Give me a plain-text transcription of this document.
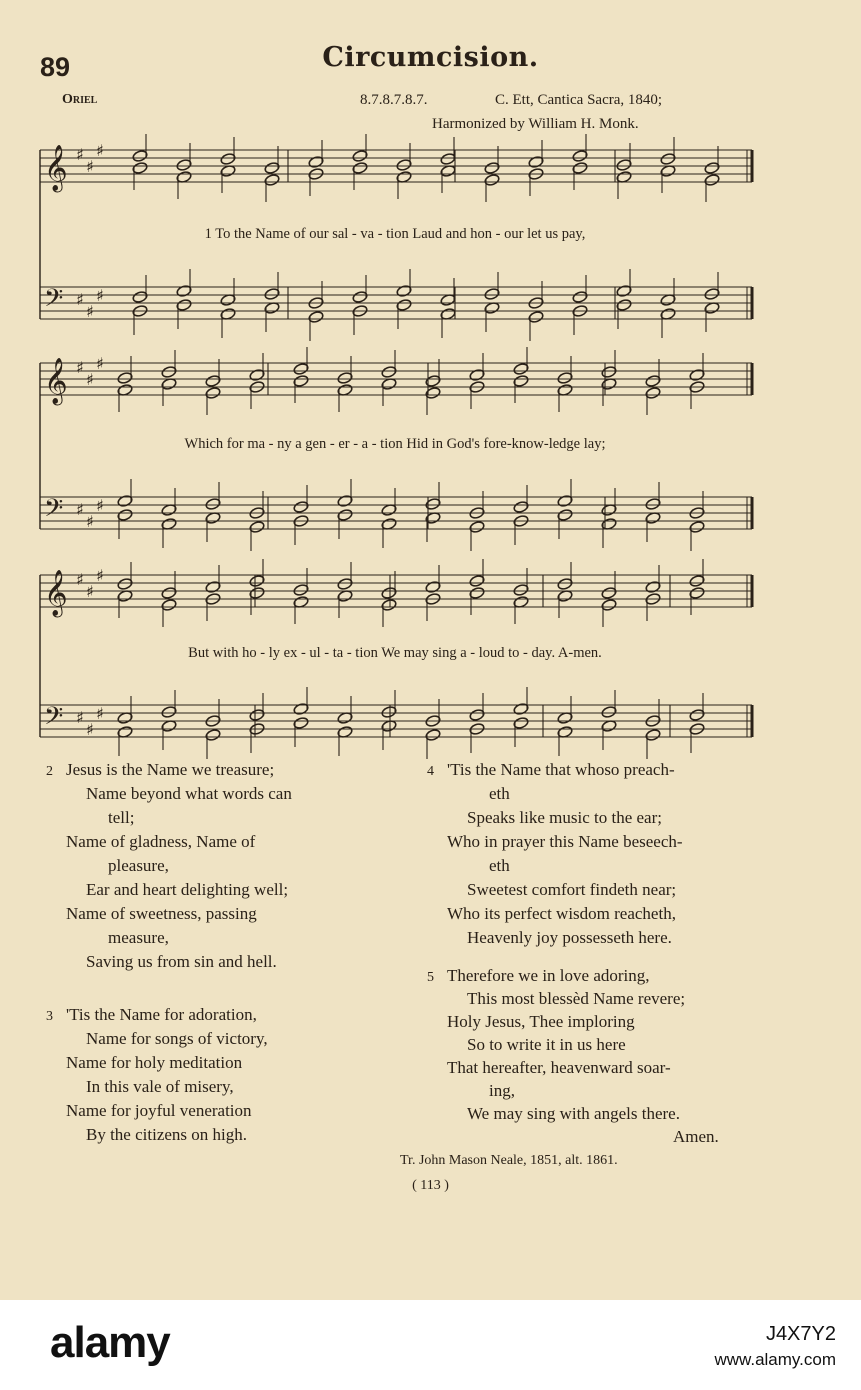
89	Circumcision.
Oriel	8.7.8.7.8.7.	C. Ett, Cantica Sacra, 1840;
Harmonized by William H. Monk.
𝄞
𝄢
♯
♯
♯
♯
♯
♯
𝄞
𝄢
♯
♯
♯
♯
♯
♯
𝄞
𝄢
♯
♯
♯
♯
♯
♯
1 To the Name of our sal - va - tion Laud and hon - our let us pay,
Which for ma - ny a gen - er - a - tion Hid in God's fore-know-ledge lay;
But with ho - ly ex - ul - ta - tion We may sing a - loud to - day. A-men.
2 Jesus is the Name we treasure;
Name beyond what words can
tell;
Name of gladness, Name of
pleasure,
Ear and heart delighting well;
Name of sweetness, passing
measure,
Saving us from sin and hell.
3 'Tis the Name for adoration,
Name for songs of victory,
Name for holy meditation
In this vale of misery,
Name for joyful veneration
By the citizens on high.
4 'Tis the Name that whoso preach-
eth
Speaks like music to the ear;
Who in prayer this Name beseech-
eth
Sweetest comfort findeth near;
Who its perfect wisdom reacheth,
Heavenly joy possesseth here.
5 Therefore we in love adoring,
This most blessèd Name revere;
Holy Jesus, Thee imploring
So to write it in us here
That hereafter, heavenward soar-
ing,
We may sing with angels there.
Amen.
Tr. John Mason Neale, 1851, alt. 1861.
( 113 )
alamy	J4X7Y2
www.alamy.com
